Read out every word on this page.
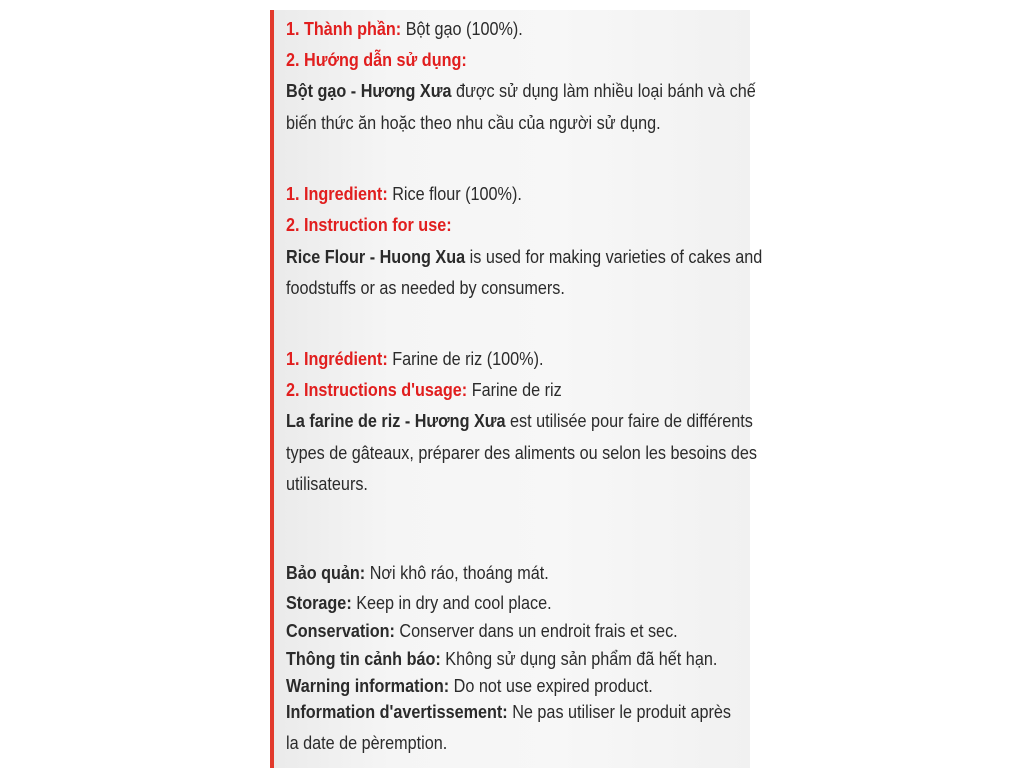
1. Thành phần: Bột gạo (100%).
2. Hướng dẫn sử dụng:
Bột gạo - Hương Xưa được sử dụng làm nhiều loại bánh và chế
biến thức ăn hoặc theo nhu cầu của người sử dụng.
1. Ingredient: Rice flour (100%).
2. Instruction for use:
Rice Flour - Huong Xua is used for making varieties of cakes and
foodstuffs or as needed by consumers.
1. Ingrédient: Farine de riz (100%).
2. Instructions d'usage: Farine de riz
La farine de riz - Hương Xưa est utilisée pour faire de différents
types de gâteaux, préparer des aliments ou selon les besoins des
utilisateurs.
Bảo quản: Nơi khô ráo, thoáng mát.
Storage: Keep in dry and cool place.
Conservation: Conserver dans un endroit frais et sec.
Thông tin cảnh báo: Không sử dụng sản phẩm đã hết hạn.
Warning information: Do not use expired product.
Information d'avertissement: Ne pas utiliser le produit après
la date de pèremption.
